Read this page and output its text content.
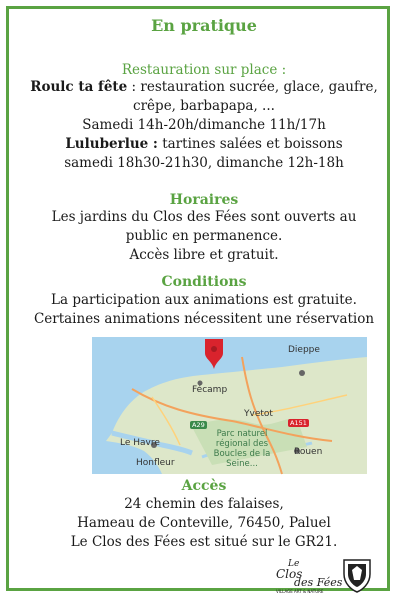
En pratique
Restauration sur place :
Roulc ta fête : restauration sucrée, glace, gaufre,
crêpe, barbapapa, ...
Samedi 14h-20h/dimanche 11h/17h
Luluberlue : tartines salées et boissons
samedi 18h30-21h30, dimanche 12h-18h
Horaires
Les jardins du Clos des Fées sont ouverts au
public en permanence.
Accès libre et gratuit.
Conditions
La participation aux animations est gratuite.
Certaines animations nécessitent une réservation
Dieppe
Fécamp
Yvetot
Le Havre
Honfleur
Rouen
Parc naturel régional des Boucles de la Seine...
A29	A151
Accès
24 chemin des falaises,
Hameau de Conteville, 76450, Paluel
Le Clos des Fées est situé sur le GR21.
Le
Clos
des Fées
VILLAGE ART & NATURE
